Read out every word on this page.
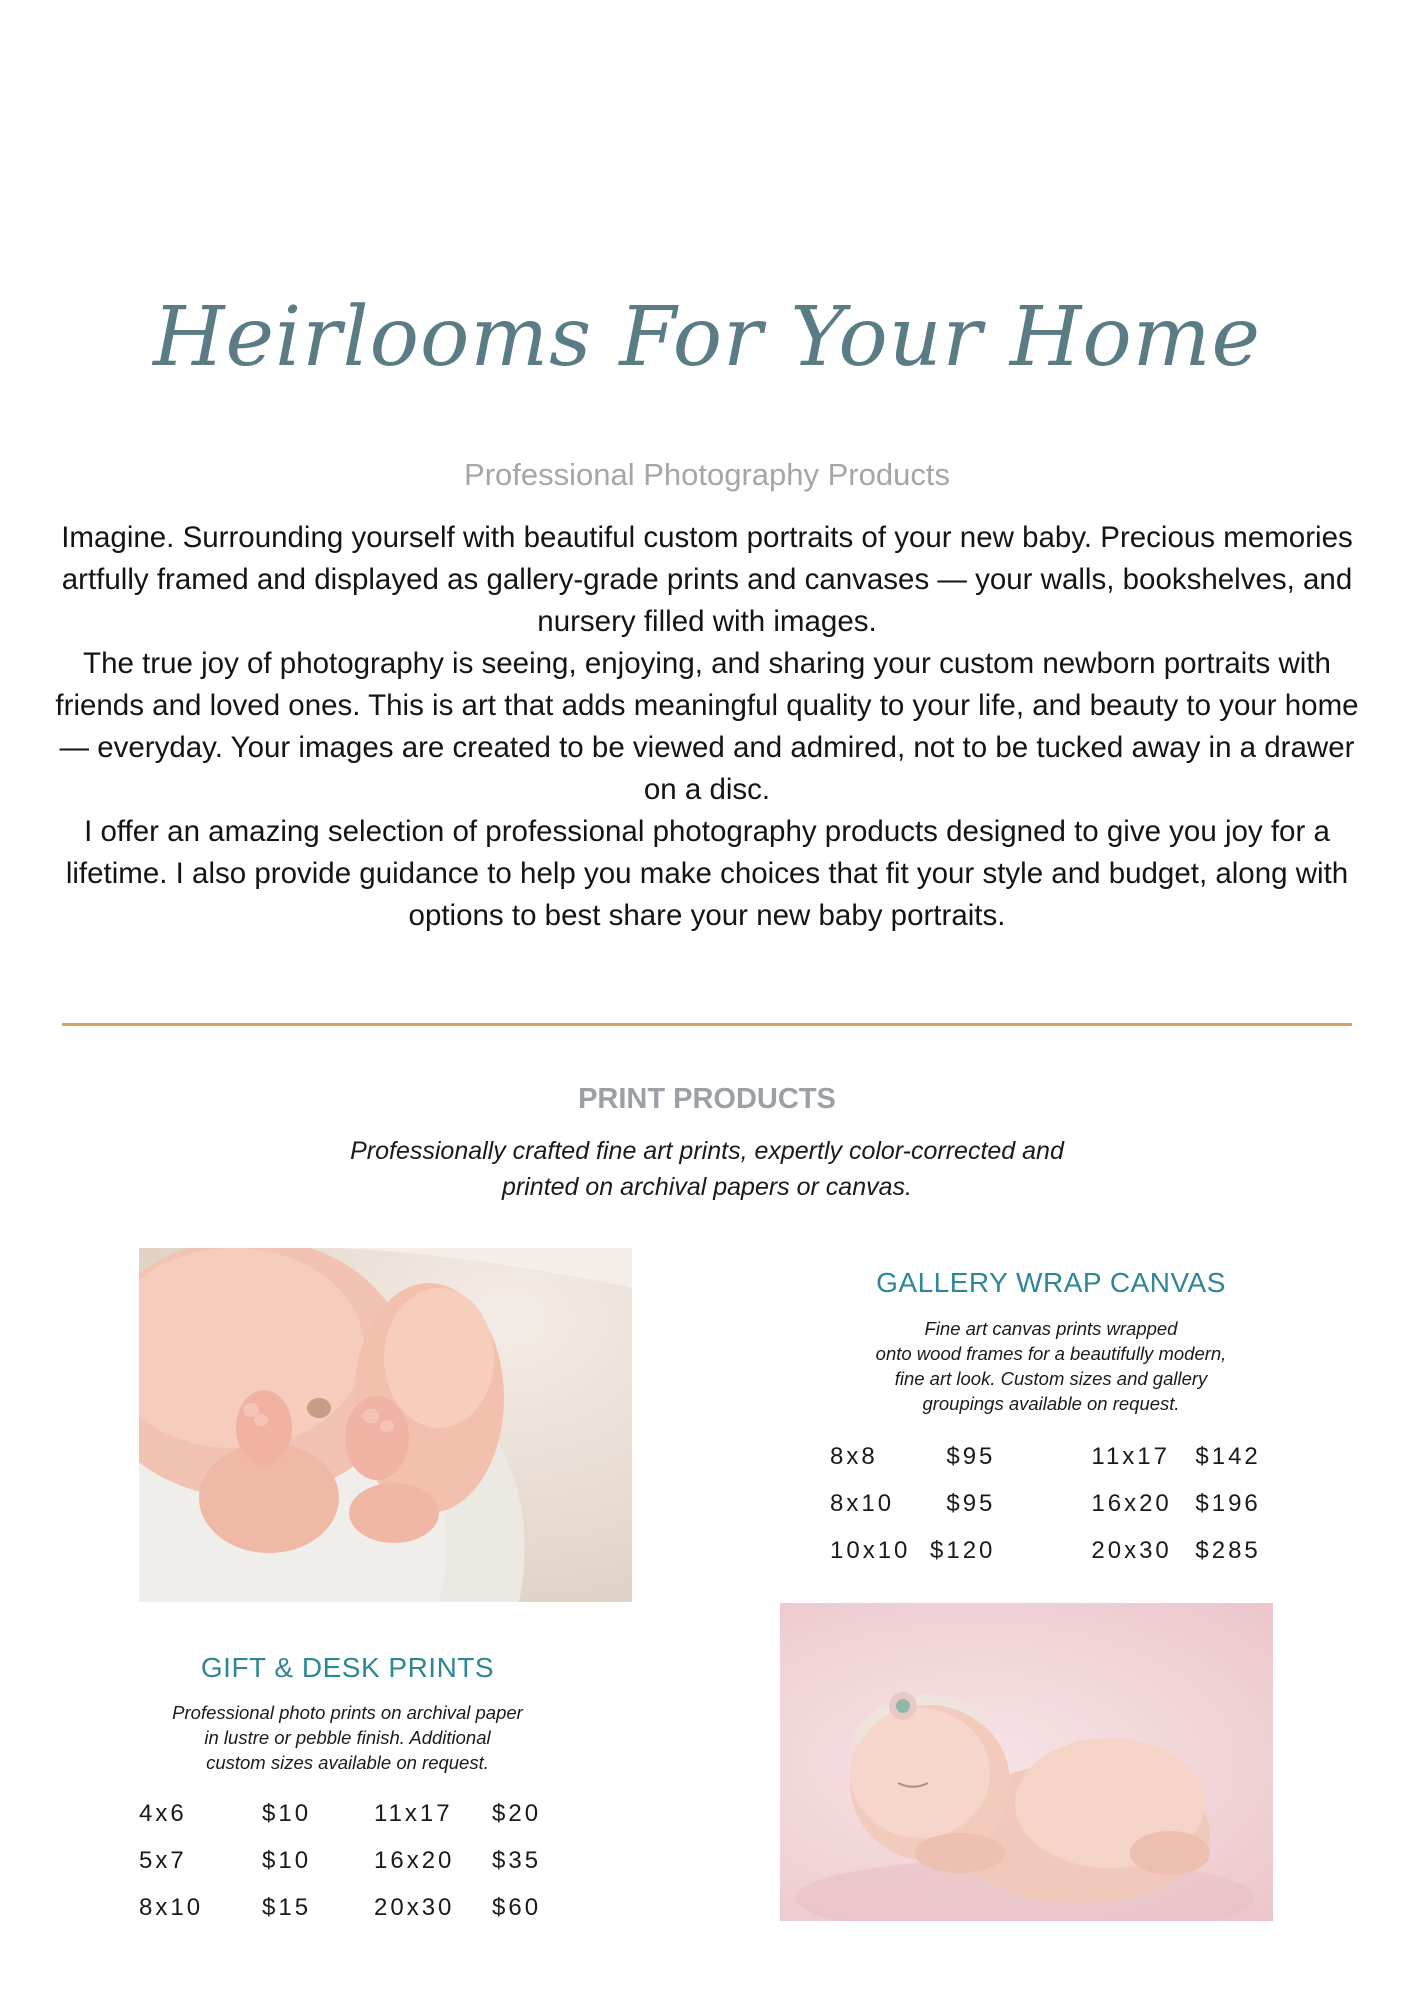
Heirlooms For Your Home
Professional Photography Products

Imagine. Surrounding yourself with beautiful custom portraits of your new baby. Precious memories artfully framed and displayed as gallery-grade prints and canvases — your walls, bookshelves, and nursery filled with images.

The true joy of photography is seeing, enjoying, and sharing your custom newborn portraits with friends and loved ones. This is art that adds meaningful quality to your life, and beauty to your home — everyday. Your images are created to be viewed and admired, not to be tucked away in a drawer on a disc.

I offer an amazing selection of professional photography products designed to give you joy for a lifetime. I also provide guidance to help you make choices that fit your style and budget, along with options to best share your new baby portraits.

PRINT PRODUCTS
Professionally crafted fine art prints, expertly color-corrected and
printed on archival papers or canvas.
GALLERY WRAP CANVAS
Fine art canvas prints wrapped
onto wood frames for a beautifully modern,
fine art look. Custom sizes and gallery
groupings available on request.
8x8	$95		11x17	$142
8x10	$95		16x20	$196
10x10	$120		20x30	$285
GIFT & DESK PRINTS
Professional photo prints on archival paper
in lustre or pebble finish. Additional
custom sizes available on request.
4x6	$10	11x17	$20
5x7	$10	16x20	$35
8x10	$15	20x30	$60
